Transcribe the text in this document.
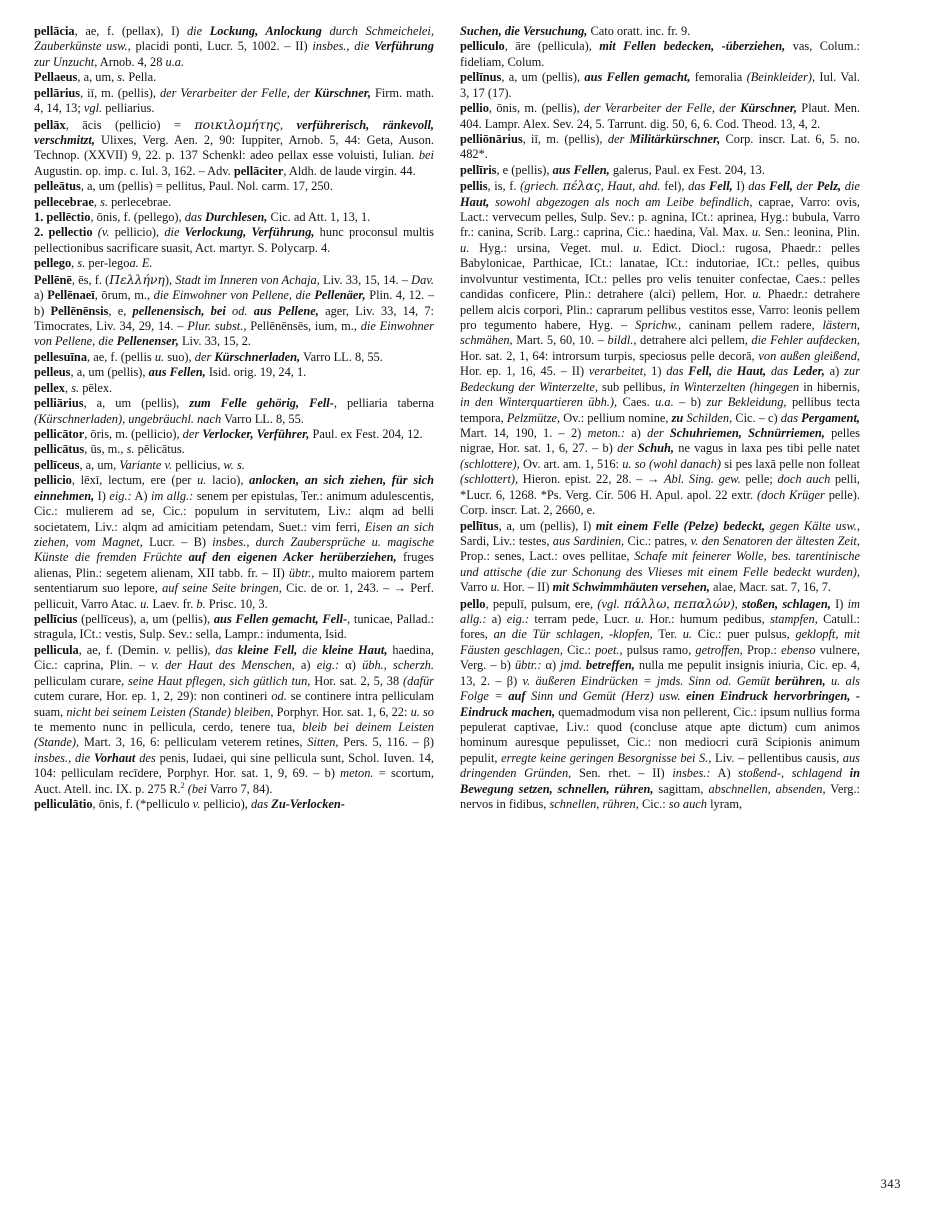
pellācia, ae, f. (pellax), I) die Lockung, Anlockung durch Schmeichelei, Zauberkünste usw., placidi ponti, Lucr. 5, 1002. – II) insbes., die Verführung zur Unzucht, Arnob. 4, 28 u.a.

Pellaeus, a, um, s. Pella.

pellārius, iī, m. (pellis), der Verarbeiter der Felle, der Kürschner, Firm. math. 4, 14, 13; vgl. pelliarius.

pellāx, ācis (pellicio) = ποικιλομήτης, verführerisch, ränkevoll, verschmitzt, Ulixes, Verg. Aen. 2, 90: Iuppiter, Arnob. 5, 44: Geta, Auson. Technop. (XXVII) 9, 22. p. 137 Schenkl: adeo pellax esse voluisti, Iulian. bei Augustin. op. imp. c. Iul. 3, 162. – Adv. pellāciter, Aldh. de laude virgin. 44.

pelleātus, a, um (pellis) = pellitus, Paul. Nol. carm. 17, 250.

pellecebrae, s. perlecebrae.

1. pellēctio, ōnis, f. (pellego), das Durchlesen, Cic. ad Att. 1, 13, 1.

2. pellectio (v. pellicio), die Verlockung, Verführung, hunc proconsul multis pellectionibus sacrificare suasit, Act. martyr. S. Polycarp. 4.

pellego, s. per-legoa. E.

Pellēnē, ēs, f. (Πελλήνη), Stadt im Inneren von Achaja, Liv. 33, 15, 14. – Dav. a) Pellēnaeī, ōrum, m., die Einwohner von Pellene, die Pellenäer, Plin. 4, 12. – b) Pellēnēnsis, e, pellenensisch, bei od. aus Pellene, ager, Liv. 33, 14, 7: Timocrates, Liv. 34, 29, 14. – Plur. subst., Pellēnēnsēs, ium, m., die Einwohner von Pellene, die Pellenenser, Liv. 33, 15, 2.

pellesuīna, ae, f. (pellis u. suo), der Kürschnerladen, Varro LL. 8, 55.

pelleus, a, um (pellis), aus Fellen, Isid. orig. 19, 24, 1.

pellex, s. pēlex.

pelliārius, a, um (pellis), zum Felle gehörig, Fell-, pelliaria taberna (Kürschnerladen), ungebräuchl. nach Varro LL. 8, 55.

pellicātor, ōris, m. (pellicio), der Verlocker, Verführer, Paul. ex Fest. 204, 12.

pellicātus, ūs, m., s. pēlicātus.

pellīceus, a, um, Variante v. pellicius, w. s.

pellicio, lēxī, lectum, ere (per u. lacio), anlocken, an sich ziehen, für sich einnehmen, I) eig.: A) im allg.: senem per epistulas, Ter.: animum adulescentis, Cic.: mulierem ad se, Cic.: populum in servitutem, Liv.: alqm ad belli societatem, Liv.: alqm ad amicitiam petendam, Suet.: vim ferri, Eisen an sich ziehen, vom Magnet, Lucr. – B) insbes., durch Zaubersprüche u. magische Künste die fremden Früchte auf den eigenen Acker herüberziehen, fruges alienas, Plin.: segetem alienam, XII tabb. fr. – II) übtr., multo maiorem partem sententiarum suo lepore, auf seine Seite bringen, Cic. de or. 1, 243. – → Perf. pellicuit, Varro Atac. u. Laev. fr. b. Prisc. 10, 3.

pellīcius (pellīceus), a, um (pellis), aus Fellen gemacht, Fell-, tunicae, Pallad.: stragula, ICt.: vestis, Sulp. Sev.: sella, Lampr.: indumenta, Isid.

pellicula, ae, f. (Demin. v. pellis), das kleine Fell, die kleine Haut, haedina, Cic.: caprina, Plin. – v. der Haut des Menschen, a) eig.: α) übh., scherzh. pelliculam curare, seine Haut pflegen, sich gütlich tun, Hor. sat. 2, 5, 38 (dafür cutem curare, Hor. ep. 1, 2, 29): non contineri od. se continere intra pelliculam suam, nicht bei seinem Leisten (Stande) bleiben, Porphyr. Hor. sat. 1, 6, 22: u. so te memento nunc in pellicula, cerdo, tenere tua, bleib bei deinem Leisten (Stande), Mart. 3, 16, 6: pelliculam veterem retines, Sitten, Pers. 5, 116. – β) insbes., die Vorhaut des penis, Iudaei, qui sine pellicula sunt, Schol. Iuven. 14, 104: pelliculam recīdere, Porphyr. Hor. sat. 1, 9, 69. – b) meton. = scortum, Auct. Atell. inc. IX. p. 275 R.$^2$ (bei Varro 7, 84).

pelliculātio, ōnis, f. (*pelliculo v. pellicio), das Zu-Verlocken-

Suchen, die Versuchung, Cato oratt. inc. fr. 9.

pelliculo, āre (pellicula), mit Fellen bedecken, -überziehen, vas, Colum.: fideliam, Colum.

pellīnus, a, um (pellis), aus Fellen gemacht, femoralia (Beinkleider), Iul. Val. 3, 17 (17).

pellio, ōnis, m. (pellis), der Verarbeiter der Felle, der Kürschner, Plaut. Men. 404. Lampr. Alex. Sev. 24, 5. Tarrunt. dig. 50, 6, 6. Cod. Theod. 13, 4, 2.

pelliōnārius, iī, m. (pellis), der Militärkürschner, Corp. inscr. Lat. 6, 5. no. 482*.

pellīris, e (pellis), aus Fellen, galerus, Paul. ex Fest. 204, 13.

pellis, is, f. (griech. πέλας, Haut, ahd. fel), das Fell, I) das Fell, der Pelz, die Haut, sowohl abgezogen als noch am Leibe befindlich, caprae, Varro: ovis, Lact.: vervecum pelles, Sulp. Sev.: p. agnina, ICt.: aprinea, Hyg.: bubula, Varro fr.: canina, Scrib. Larg.: caprina, Cic.: haedina, Val. Max. u. Sen.: leonina, Plin. u. Hyg.: ursina, Veget. mul. u. Edict. Diocl.: rugosa, Phaedr.: pelles Babylonicae, Parthicae, ICt.: lanatae, ICt.: indutoriae, ICt.: pelles, quibus involvuntur vestimenta, ICt.: pelles pro velis tenuiter confectae, Caes.: pelles candidas conficere, Plin.: detrahere (alci) pellem, Hor. u. Phaedr.: detrahere pellem alcis corpori, Plin.: caprarum pellibus vestitos esse, Varro: leonis pellem pro tegumento habere, Hyg. – Sprichw., caninam pellem radere, lästern, schmähen, Mart. 5, 60, 10. – bildl., detrahere alci pellem, die Fehler aufdecken, Hor. sat. 2, 1, 64: introrsum turpis, speciosus pelle decorā, von außen gleißend, Hor. ep. 1, 16, 45. – II) verarbeitet, 1) das Fell, die Haut, das Leder, a) zur Bedeckung der Winterzelte, sub pellibus, in Winterzelten (hingegen in hibernis, in den Winterquartieren übh.), Caes. u.a. – b) zur Bekleidung, pellibus tecta tempora, Pelzmütze, Ov.: pellium nomine, zu Schilden, Cic. – c) das Pergament, Mart. 14, 190, 1. – 2) meton.: a) der Schuhriemen, Schnürriemen, pelles nigrae, Hor. sat. 1, 6, 27. – b) der Schuh, ne vagus in laxa pes tibi pelle natet (schlottere), Ov. art. am. 1, 516: u. so (wohl danach) si pes laxā pelle non folleat (schlottert), Hieron. epist. 22, 28. – → Abl. Sing. gew. pelle; doch auch pelli, *Lucr. 6, 1268. *Ps. Verg. Cir. 506 H. Apul. apol. 22 extr. (doch Krüger pelle). Corp. inscr. Lat. 2, 2660, e.

pellītus, a, um (pellis), I) mit einem Felle (Pelze) bedeckt, gegen Kälte usw., Sardi, Liv.: testes, aus Sardinien, Cic.: patres, v. den Senatoren der ältesten Zeit, Prop.: senes, Lact.: oves pellitae, Schafe mit feinerer Wolle, bes. tarentinische und attische (die zur Schonung des Vlieses mit einem Felle bedeckt wurden), Varro u. Hor. – II) mit Schwimmhäuten versehen, alae, Macr. sat. 7, 16, 7.

pello, pepulī, pulsum, ere, (vgl. πάλλω, πεπαλών), stoßen, schlagen, I) im allg.: a) eig.: terram pede, Lucr. u. Hor.: humum pedibus, stampfen, Catull.: fores, an die Tür schlagen, -klopfen, Ter. u. Cic.: puer pulsus, geklopft, mit Fäusten geschlagen, Cic.: poet., pulsus ramo, getroffen, Prop.: ebenso vulnere, Verg. – b) übtr.: α) jmd. betreffen, nulla me pepulit insignis iniuria, Cic. ep. 4, 13, 2. – β) v. äußeren Eindrücken = jmds. Sinn od. Gemüt berühren, u. als Folge = auf Sinn und Gemüt (Herz) usw. einen Eindruck hervorbringen, -Eindruck machen, quemadmodum visa non pellerent, Cic.: ipsum nullius forma pepulerat captivae, Liv.: quod (concluse atque apte dictum) cum animos hominum auresque pepulisset, Cic.: non mediocri curā Scipionis animum pepulit, erregte keine geringen Besorgnisse bei S., Liv. – pellentibus causis, aus dringenden Gründen, Sen. rhet. – II) insbes.: A) stoßend-, schlagend in Bewegung setzen, schnellen, rühren, sagittam, abschnellen, absenden, Verg.: nervos in fidibus, schnellen, rühren, Cic.: so auch lyram,

343
